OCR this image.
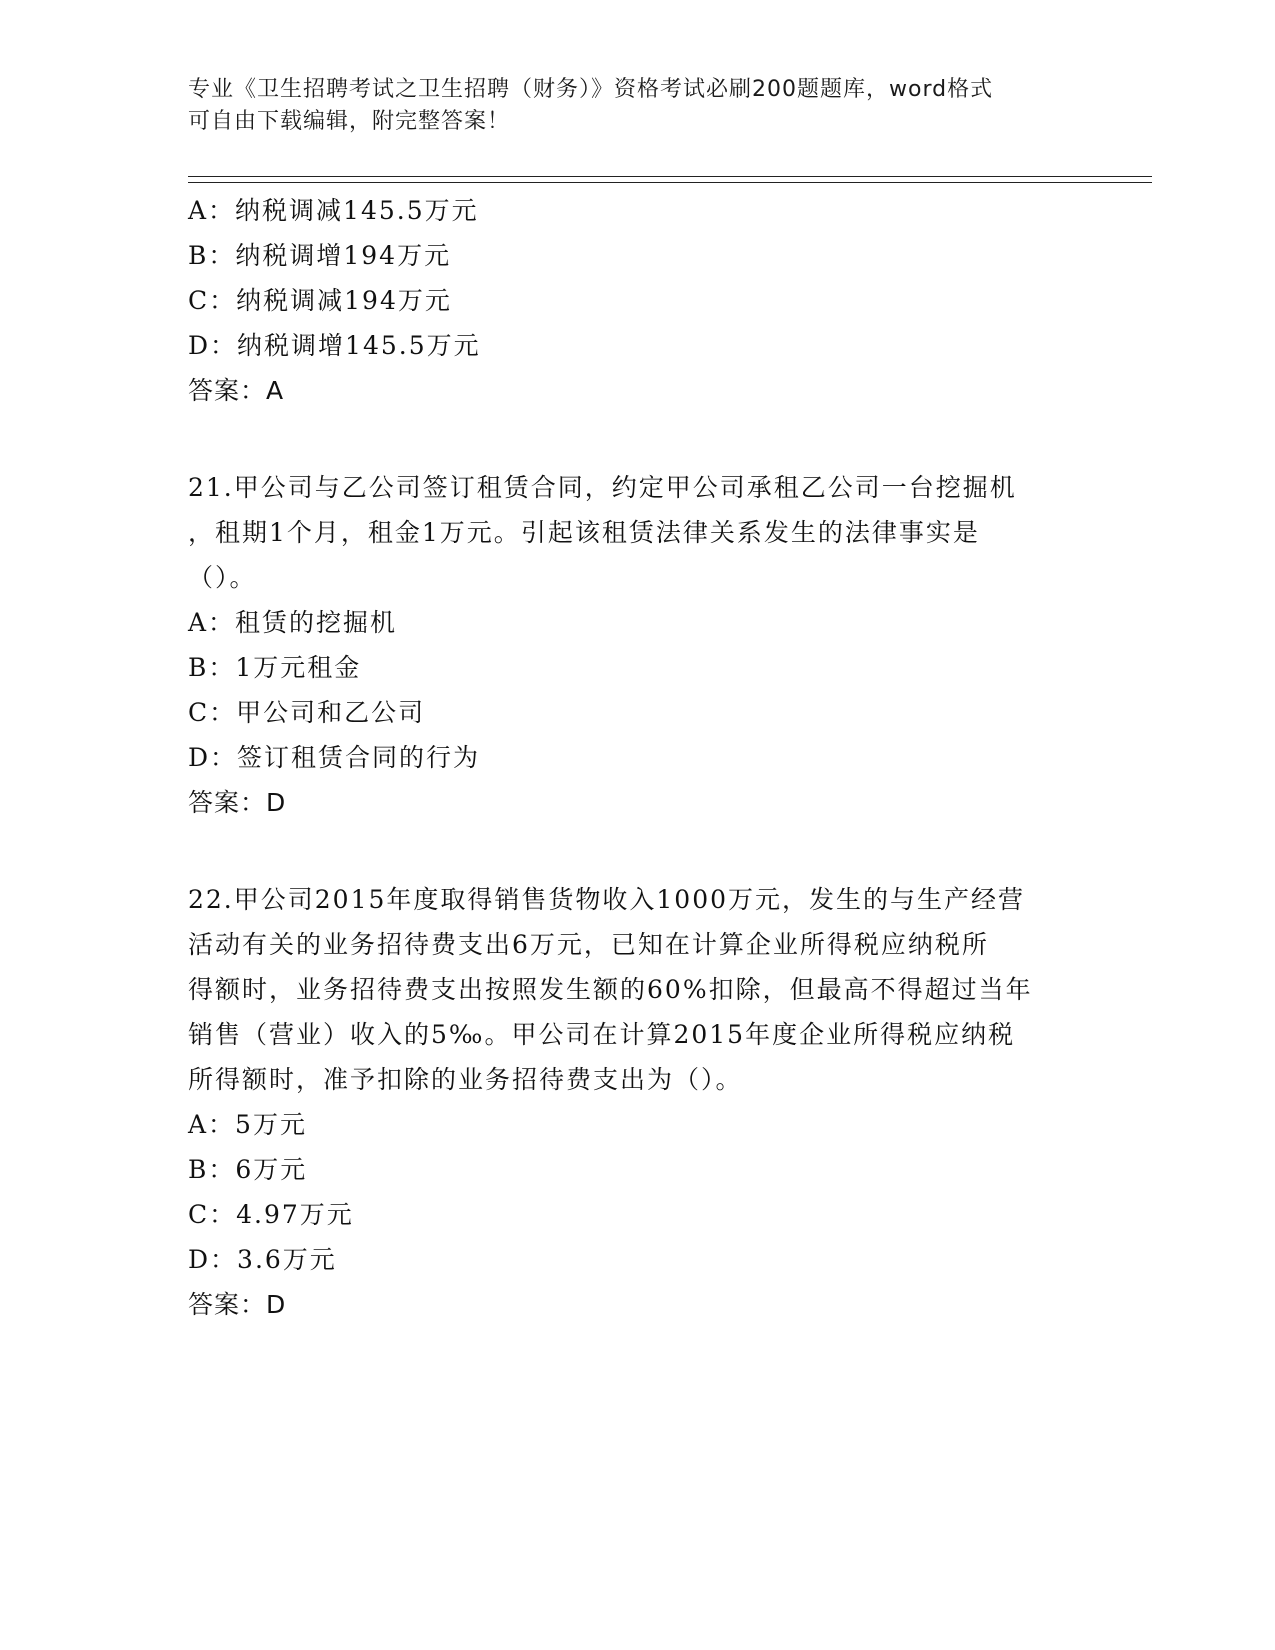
专业《卫生招聘考试之卫生招聘（财务）》资格考试必刷200题题库，word格式
可自由下载编辑，附完整答案！
A：纳税调减145.5万元
B：纳税调增194万元
C：纳税调减194万元
D：纳税调增145.5万元
答案：A
21.甲公司与乙公司签订租赁合同，约定甲公司承租乙公司一台挖掘机
，租期1个月，租金1万元。引起该租赁法律关系发生的法律事实是
（）。
A：租赁的挖掘机
B：1万元租金
C：甲公司和乙公司
D：签订租赁合同的行为
答案：D
22.甲公司2015年度取得销售货物收入1000万元，发生的与生产经营
活动有关的业务招待费支出6万元，已知在计算企业所得税应纳税所
得额时，业务招待费支出按照发生额的60%扣除，但最高不得超过当年
销售（营业）收入的5‰。甲公司在计算2015年度企业所得税应纳税
所得额时，准予扣除的业务招待费支出为（）。
A：5万元
B：6万元
C：4.97万元
D：3.6万元
答案：D
